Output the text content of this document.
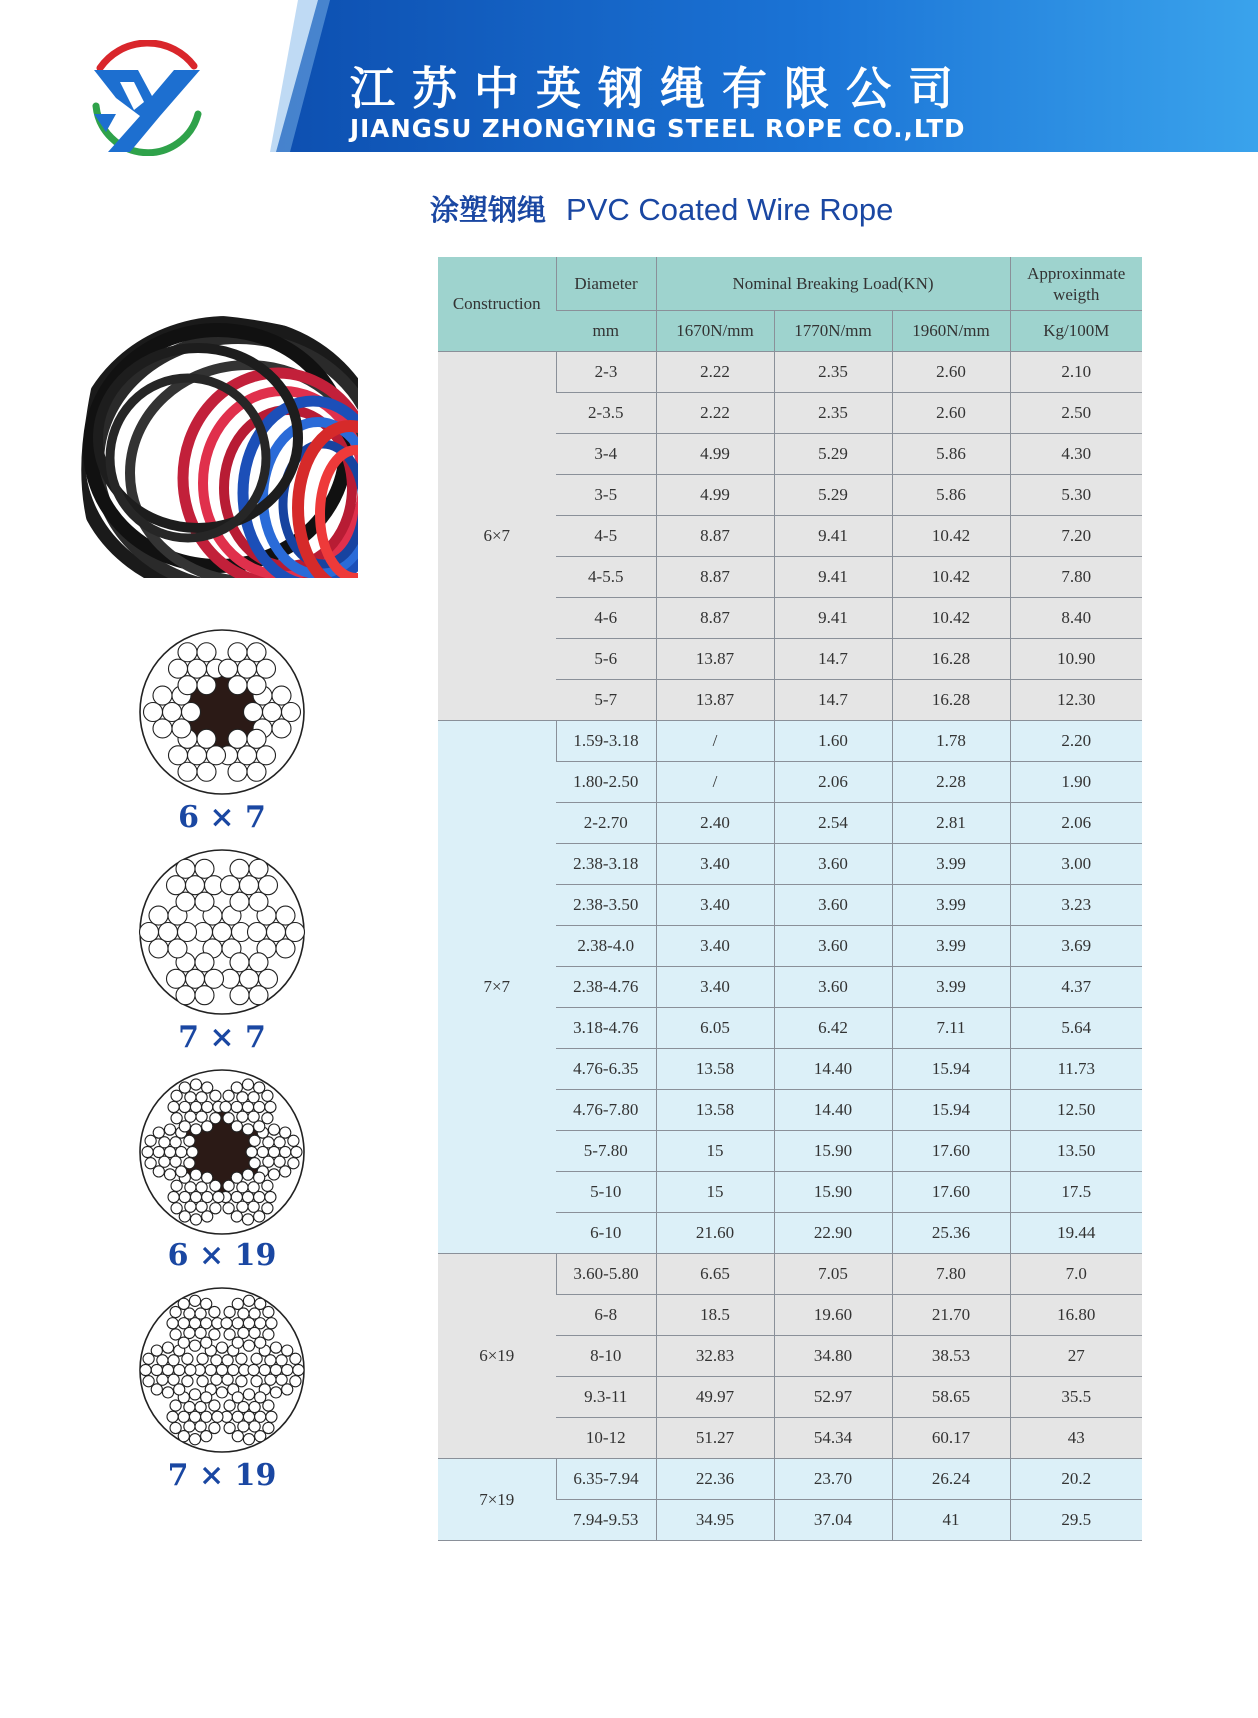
江苏中英钢绳有限公司
JIANGSU ZHONGYING STEEL ROPE CO.,LTD
涂塑钢绳 PVC Coated Wire Rope
6 × 7
7 × 7
6 × 19
7 × 19
Construction	Diameter	Nominal Breaking Load(KN)			Approxinmate weigth
	mm	1670N/mm	1770N/mm	1960N/mm	Kg/100M
6×7	2-3	2.22	2.35	2.60	2.10
	2-3.5	2.22	2.35	2.60	2.50
	3-4	4.99	5.29	5.86	4.30
	3-5	4.99	5.29	5.86	5.30
	4-5	8.87	9.41	10.42	7.20
	4-5.5	8.87	9.41	10.42	7.80
	4-6	8.87	9.41	10.42	8.40
	5-6	13.87	14.7	16.28	10.90
	5-7	13.87	14.7	16.28	12.30
7×7	1.59-3.18	/	1.60	1.78	2.20
	1.80-2.50	/	2.06	2.28	1.90
	2-2.70	2.40	2.54	2.81	2.06
	2.38-3.18	3.40	3.60	3.99	3.00
	2.38-3.50	3.40	3.60	3.99	3.23
	2.38-4.0	3.40	3.60	3.99	3.69
	2.38-4.76	3.40	3.60	3.99	4.37
	3.18-4.76	6.05	6.42	7.11	5.64
	4.76-6.35	13.58	14.40	15.94	11.73
	4.76-7.80	13.58	14.40	15.94	12.50
	5-7.80	15	15.90	17.60	13.50
	5-10	15	15.90	17.60	17.5
	6-10	21.60	22.90	25.36	19.44
6×19	3.60-5.80	6.65	7.05	7.80	7.0
	6-8	18.5	19.60	21.70	16.80
	8-10	32.83	34.80	38.53	27
	9.3-11	49.97	52.97	58.65	35.5
	10-12	51.27	54.34	60.17	43
7×19	6.35-7.94	22.36	23.70	26.24	20.2
	7.94-9.53	34.95	37.04	41	29.5
